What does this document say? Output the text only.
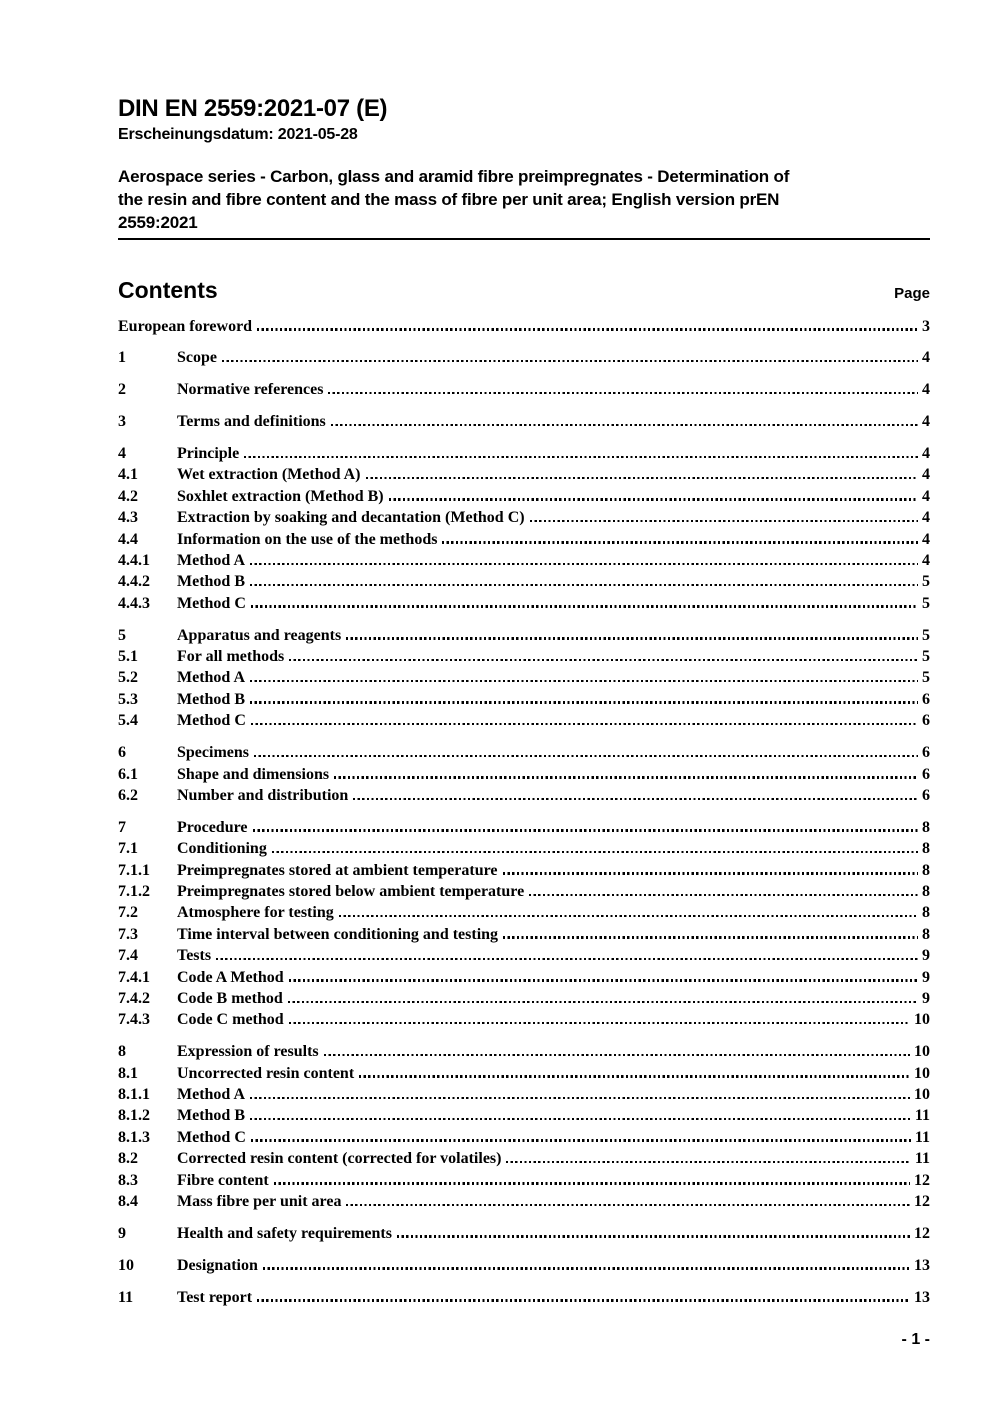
DIN EN 2559:2021-07 (E)
Erscheinungsdatum: 2021-05-28
Aerospace series - Carbon, glass and aramid fibre preimpregnates - Determination of
the resin and fibre content and the mass of fibre per unit area; English version prEN
2559:2021
Contents	Page
European foreword	3
1	Scope	4
2	Normative references	4
3	Terms and definitions	4
4	Principle	4
4.1	Wet extraction (Method A)	4
4.2	Soxhlet extraction (Method B)	4
4.3	Extraction by soaking and decantation (Method C)	4
4.4	Information on the use of the methods	4
4.4.1	Method A	4
4.4.2	Method B	5
4.4.3	Method C	5
5	Apparatus and reagents	5
5.1	For all methods	5
5.2	Method A	5
5.3	Method B	6
5.4	Method C	6
6	Specimens	6
6.1	Shape and dimensions	6
6.2	Number and distribution	6
7	Procedure	8
7.1	Conditioning	8
7.1.1	Preimpregnates stored at ambient temperature	8
7.1.2	Preimpregnates stored below ambient temperature	8
7.2	Atmosphere for testing	8
7.3	Time interval between conditioning and testing	8
7.4	Tests	9
7.4.1	Code A Method	9
7.4.2	Code B method	9
7.4.3	Code C method	10
8	Expression of results	10
8.1	Uncorrected resin content	10
8.1.1	Method A	10
8.1.2	Method B	11
8.1.3	Method C	11
8.2	Corrected resin content (corrected for volatiles)	11
8.3	Fibre content	12
8.4	Mass fibre per unit area	12
9	Health and safety requirements	12
10	Designation	13
11	Test report	13
- 1 -
